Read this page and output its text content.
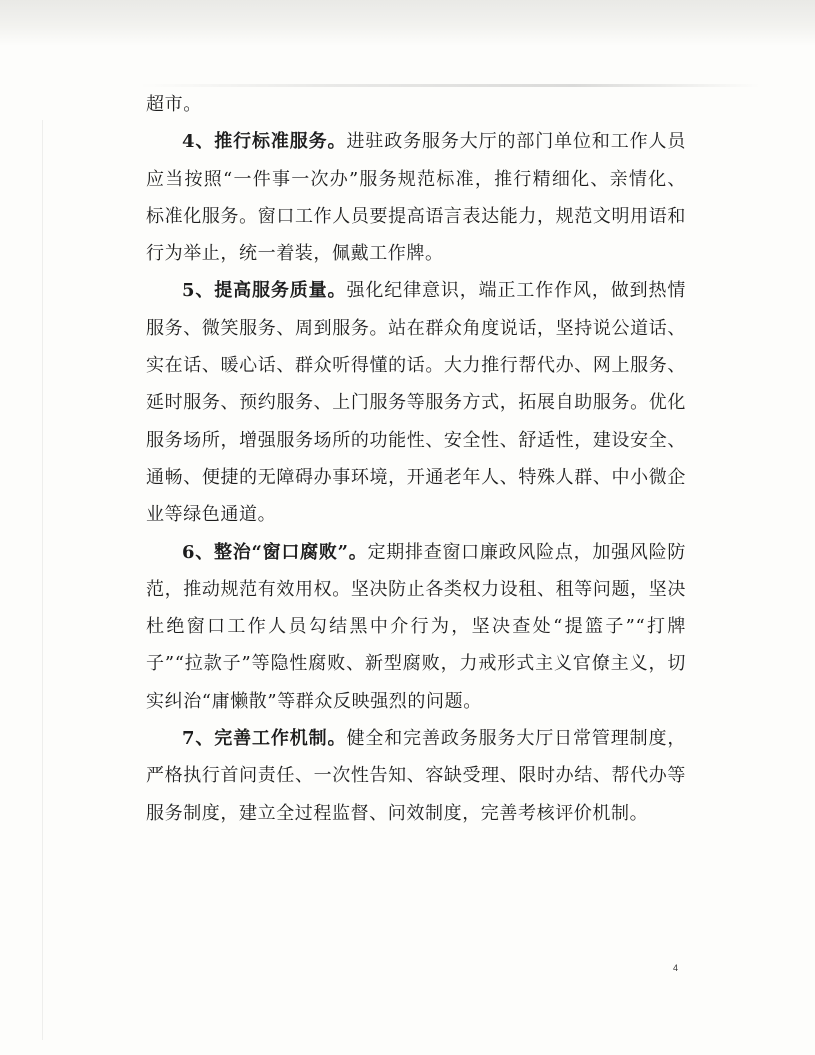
超市。

4、推行标准服务。进驻政务服务大厅的部门单位和工作人员应当按照“一件事一次办”服务规范标准，推行精细化、亲情化、标准化服务。窗口工作人员要提高语言表达能力，规范文明用语和行为举止，统一着装，佩戴工作牌。

5、提高服务质量。强化纪律意识，端正工作作风，做到热情服务、微笑服务、周到服务。站在群众角度说话，坚持说公道话、实在话、暖心话、群众听得懂的话。大力推行帮代办、网上服务、延时服务、预约服务、上门服务等服务方式，拓展自助服务。优化服务场所，增强服务场所的功能性、安全性、舒适性，建设安全、通畅、便捷的无障碍办事环境，开通老年人、特殊人群、中小微企业等绿色通道。

6、整治“窗口腐败”。定期排查窗口廉政风险点，加强风险防范，推动规范有效用权。坚决防止各类权力设租、租等问题，坚决杜绝窗口工作人员勾结黑中介行为，坚决查处“提篮子”“打牌子”“拉款子”等隐性腐败、新型腐败，力戒形式主义官僚主义，切实纠治“庸懒散”等群众反映强烈的问题。

7、完善工作机制。健全和完善政务服务大厅日常管理制度，严格执行首问责任、一次性告知、容缺受理、限时办结、帮代办等服务制度，建立全过程监督、问效制度，完善考核评价机制。

4
